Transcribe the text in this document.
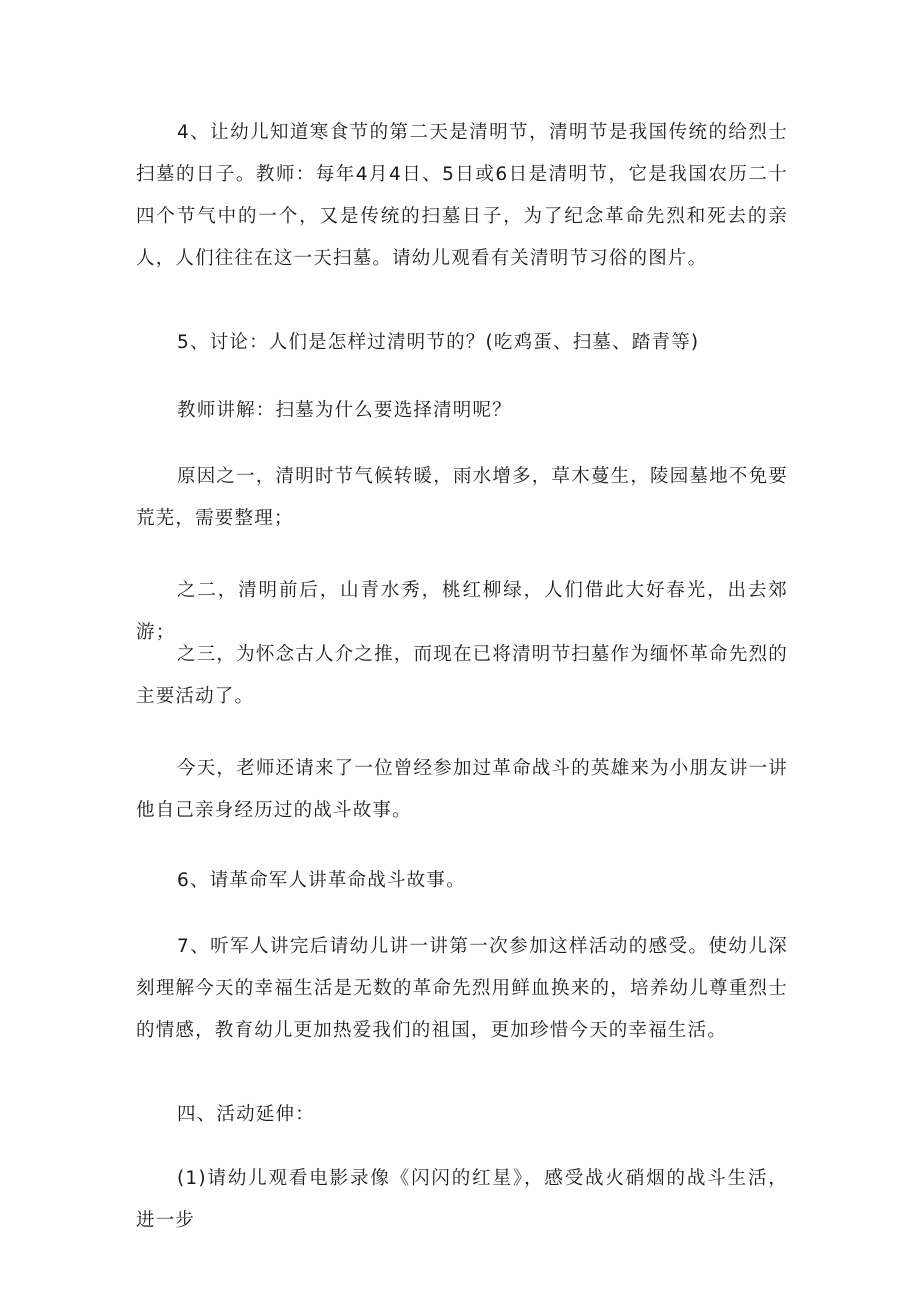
4、让幼儿知道寒食节的第二天是清明节，清明节是我国传统的给烈士扫墓的日子。教师：每年4月4日、5日或6日是清明节，它是我国农历二十四个节气中的一个，又是传统的扫墓日子，为了纪念革命先烈和死去的亲人，人们往往在这一天扫墓。请幼儿观看有关清明节习俗的图片。

5、讨论：人们是怎样过清明节的？(吃鸡蛋、扫墓、踏青等)

教师讲解：扫墓为什么要选择清明呢？

原因之一，清明时节气候转暖，雨水增多，草木蔓生，陵园墓地不免要荒芜，需要整理；

之二，清明前后，山青水秀，桃红柳绿，人们借此大好春光，出去郊游；

之三，为怀念古人介之推，而现在已将清明节扫墓作为缅怀革命先烈的主要活动了。

今天，老师还请来了一位曾经参加过革命战斗的英雄来为小朋友讲一讲他自己亲身经历过的战斗故事。

6、请革命军人讲革命战斗故事。

7、听军人讲完后请幼儿讲一讲第一次参加这样活动的感受。使幼儿深刻理解今天的幸福生活是无数的革命先烈用鲜血换来的，培养幼儿尊重烈士的情感，教育幼儿更加热爱我们的祖国，更加珍惜今天的幸福生活。

四、活动延伸：

(1)请幼儿观看电影录像《闪闪的红星》，感受战火硝烟的战斗生活，进一步
